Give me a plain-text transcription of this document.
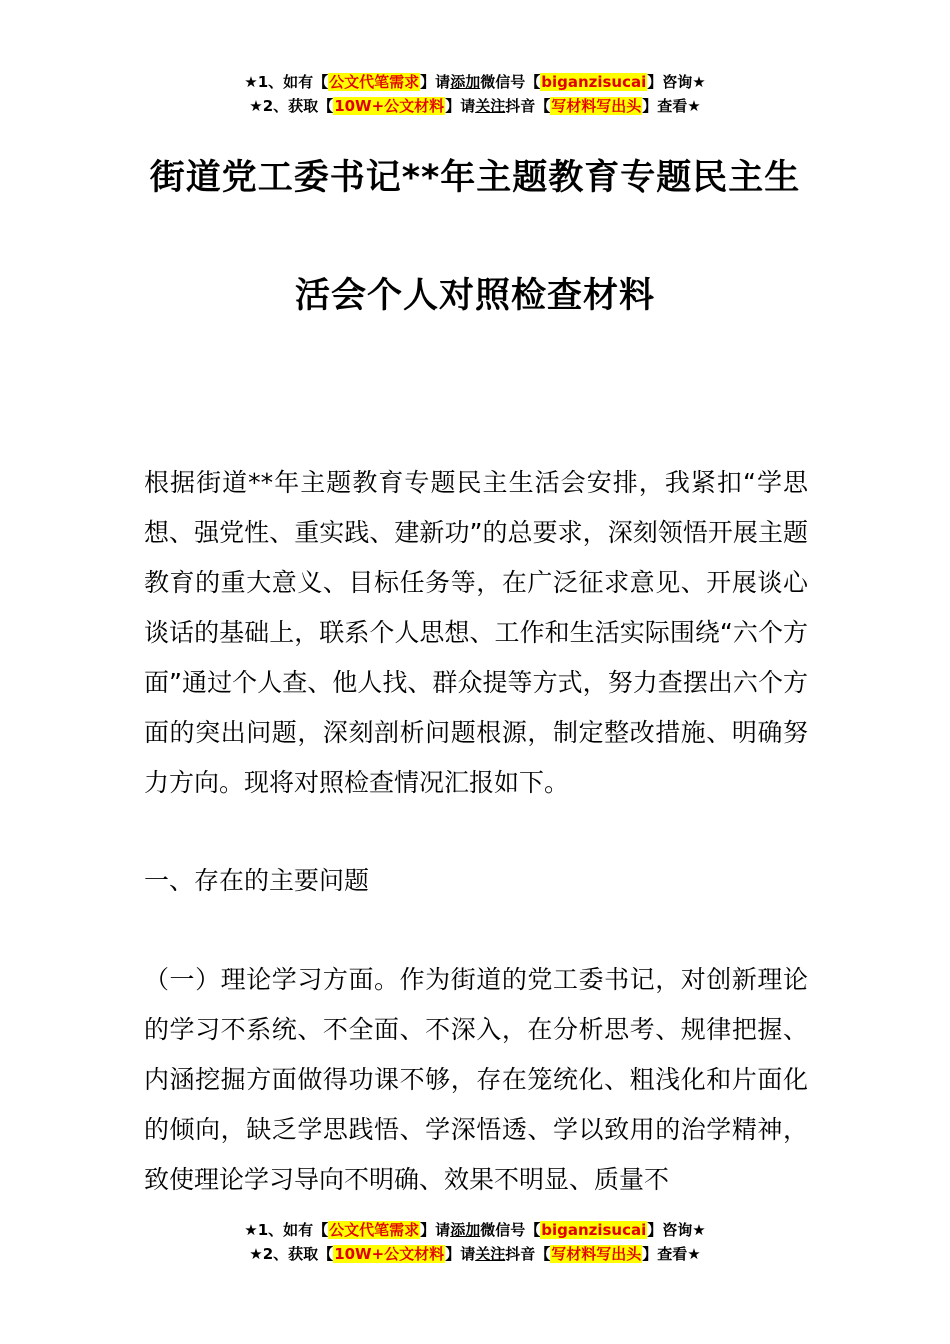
★1、如有【公文代笔需求】请添加微信号【biganzisucai】咨询★
★2、获取【10W+公文材料】请关注抖音【写材料写出头】查看★
街道党工委书记**年主题教育专题民主生
活会个人对照检查材料

根据街道**年主题教育专题民主生活会安排，我紧扣“学思想、强党性、重实践、建新功”的总要求，深刻领悟开展主题教育的重大意义、目标任务等，在广泛征求意见、开展谈心谈话的基础上，联系个人思想、工作和生活实际围绕“六个方面”通过个人查、他人找、群众提等方式，努力查摆出六个方面的突出问题，深刻剖析问题根源，制定整改措施、明确努力方向。现将对照检查情况汇报如下。

一、存在的主要问题

（一）理论学习方面。作为街道的党工委书记，对创新理论的学习不系统、不全面、不深入，在分析思考、规律把握、内涵挖掘方面做得功课不够，存在笼统化、粗浅化和片面化的倾向，缺乏学思践悟、学深悟透、学以致用的治学精神，致使理论学习导向不明确、效果不明显、质量不

★1、如有【公文代笔需求】请添加微信号【biganzisucai】咨询★
★2、获取【10W+公文材料】请关注抖音【写材料写出头】查看★
